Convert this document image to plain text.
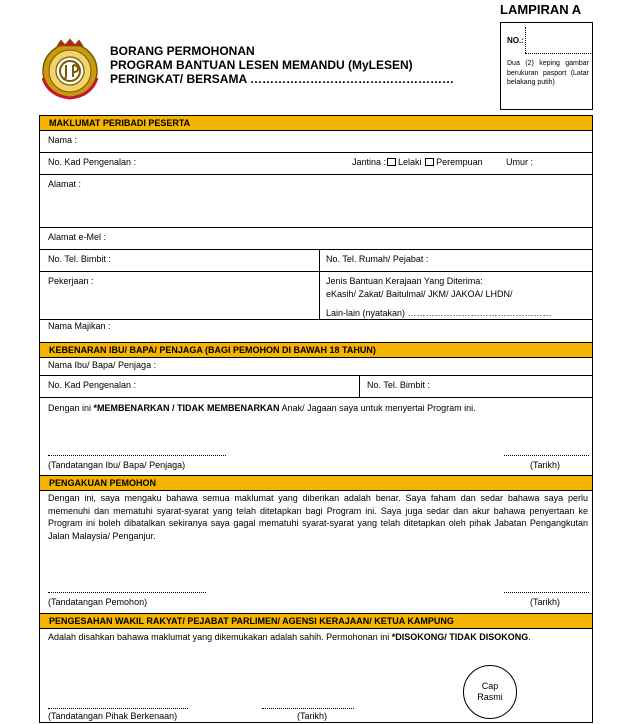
LAMPIRAN A
NO.:
Dua (2) keping gambar berukuran pasport (Latar belakang putih)
BORANG PERMOHONAN
PROGRAM BANTUAN LESEN MEMANDU (MyLESEN)
PERINGKAT/ BERSAMA ……………………………………………
MAKLUMAT PERIBADI PESERTA
Nama :
No. Kad Pengenalan :	Jantina : Lelaki Perempuan	Umur :
Alamat :
Alamat e-Mel :
No. Tel. Bimbit :	No. Tel. Rumah/ Pejabat :
Pekerjaan :	Jenis Bantuan Kerajaan Yang Diterima:
eKasih/ Zakat/ Baitulmal/ JKM/ JAKOA/ LHDN/
Lain-lain (nyatakan) …………………………………………
Nama Majikan :
KEBENARAN IBU/ BAPA/ PENJAGA (BAGI PEMOHON DI BAWAH 18 TAHUN)
Nama Ibu/ Bapa/ Penjaga :
No. Kad Pengenalan :	No. Tel. Bimbit :
Dengan ini *MEMBENARKAN / TIDAK MEMBENARKAN Anak/ Jagaan saya untuk menyertai Program ini.
(Tandatangan Ibu/ Bapa/ Penjaga)	(Tarikh)
PENGAKUAN PEMOHON
Dengan ini, saya mengaku bahawa semua maklumat yang diberikan adalah benar. Saya faham dan sedar bahawa saya perlu memenuhi dan mematuhi syarat-syarat yang telah ditetapkan bagi Program ini. Saya juga sedar dan akur bahawa penyertaan ke Program ini boleh dibatalkan sekiranya saya gagal mematuhi syarat-syarat yang telah ditetapkan oleh pihak Jabatan Pengangkutan Jalan Malaysia/ Penganjur.
(Tandatangan Pemohon)	(Tarikh)
PENGESAHAN WAKIL RAKYAT/ PEJABAT PARLIMEN/ AGENSI KERAJAAN/ KETUA KAMPUNG
Adalah disahkan bahawa maklumat yang dikemukakan adalah sahih. Permohonan ini *DISOKONG/ TIDAK DISOKONG.
Cap
Rasmi
(Tandatangan Pihak Berkenaan)	(Tarikh)
